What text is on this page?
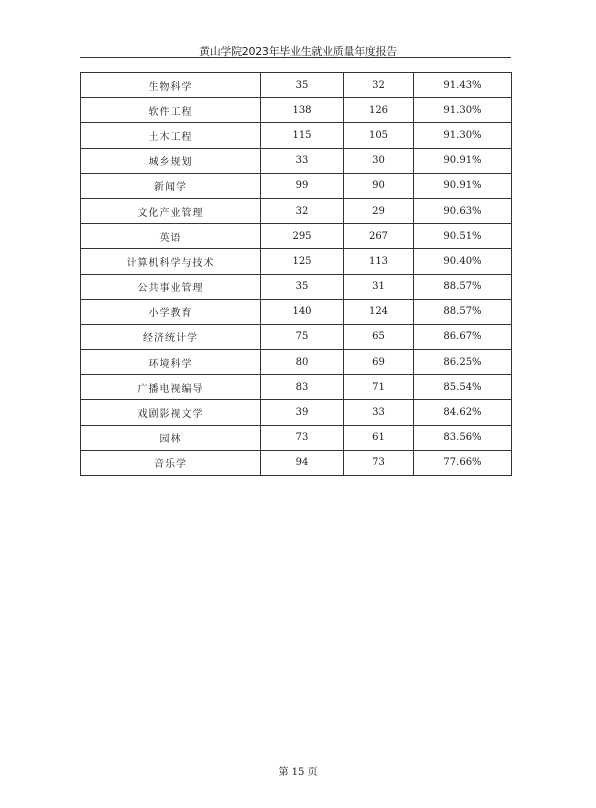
黄山学院2023年毕业生就业质量年度报告
生物科学	35	32	91.43%
软件工程	138	126	91.30%
土木工程	115	105	91.30%
城乡规划	33	30	90.91%
新闻学	99	90	90.91%
文化产业管理	32	29	90.63%
英语	295	267	90.51%
计算机科学与技术	125	113	90.40%
公共事业管理	35	31	88.57%
小学教育	140	124	88.57%
经济统计学	75	65	86.67%
环境科学	80	69	86.25%
广播电视编导	83	71	85.54%
戏剧影视文学	39	33	84.62%
园林	73	61	83.56%
音乐学	94	73	77.66%
第 15 页
